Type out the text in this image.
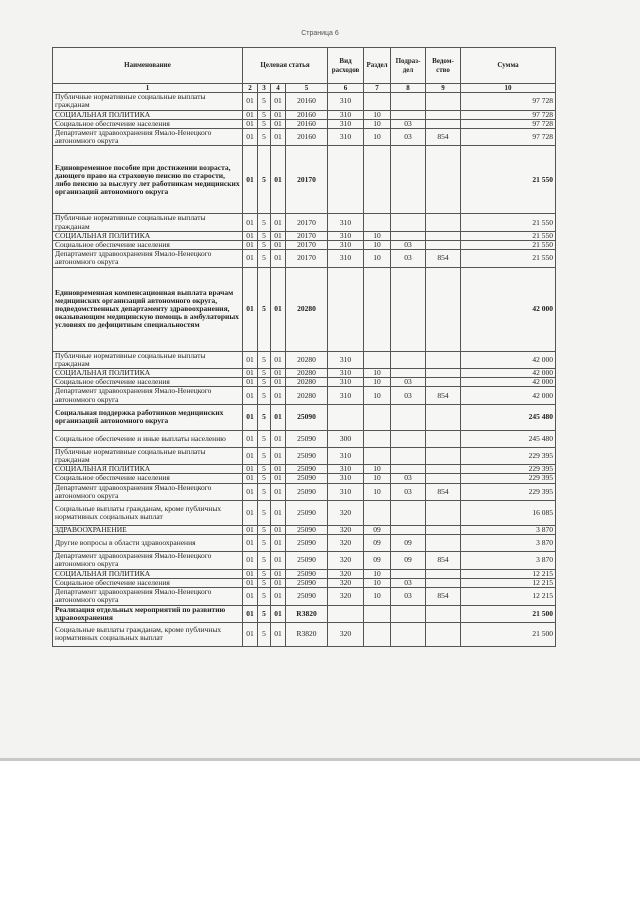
Страница 6
Наименование	Целевая статья				Вид расходов	Раздел	Подраз-дел	Ведом-ство	Сумма
1	2	3	4	5	6	7	8	9	10
Публичные нормативные социальные выплаты гражданам	01	5	01	20160	310				97 728
СОЦИАЛЬНАЯ ПОЛИТИКА	01	5	01	20160	310	10			97 728
Социальное обеспечение населения	01	5	01	20160	310	10	03		97 728
Департамент здравоохранения Ямало-Ненецкого автономного округа	01	5	01	20160	310	10	03	854	97 728
Единовременное пособие при достижении возраста, дающего право на страховую пенсию по старости, либо пенсию за выслугу лет работникам медицинских организаций автономного округа	01	5	01	20170					21 550
Публичные нормативные социальные выплаты гражданам	01	5	01	20170	310				21 550
СОЦИАЛЬНАЯ ПОЛИТИКА	01	5	01	20170	310	10			21 550
Социальное обеспечение населения	01	5	01	20170	310	10	03		21 550
Департамент здравоохранения Ямало-Ненецкого автономного округа	01	5	01	20170	310	10	03	854	21 550
Единовременная компенсационная выплата врачам медицинских организаций автономного округа, подведомственных департаменту здравоохранения, оказывающим медицинскую помощь в амбулаторных условиях по дефицитным специальностям	01	5	01	20280					42 000
Публичные нормативные социальные выплаты гражданам	01	5	01	20280	310				42 000
СОЦИАЛЬНАЯ ПОЛИТИКА	01	5	01	20280	310	10			42 000
Социальное обеспечение населения	01	5	01	20280	310	10	03		42 000
Департамент здравоохранения Ямало-Ненецкого автономного округа	01	5	01	20280	310	10	03	854	42 000
Социальная поддержка работников медицинских организаций автономного округа	01	5	01	25090					245 480
Социальное обеспечение и иные выплаты населению	01	5	01	25090	300				245 480
Публичные нормативные социальные выплаты гражданам	01	5	01	25090	310				229 395
СОЦИАЛЬНАЯ ПОЛИТИКА	01	5	01	25090	310	10			229 395
Социальное обеспечение населения	01	5	01	25090	310	10	03		229 395
Департамент здравоохранения Ямало-Ненецкого автономного округа	01	5	01	25090	310	10	03	854	229 395
Социальные выплаты гражданам, кроме публичных нормативных социальных выплат	01	5	01	25090	320				16 085
ЗДРАВООХРАНЕНИЕ	01	5	01	25090	320	09			3 870
Другие вопросы в области здравоохранения	01	5	01	25090	320	09	09		3 870
Департамент здравоохранения Ямало-Ненецкого автономного округа	01	5	01	25090	320	09	09	854	3 870
СОЦИАЛЬНАЯ ПОЛИТИКА	01	5	01	25090	320	10			12 215
Социальное обеспечение населения	01	5	01	25090	320	10	03		12 215
Департамент здравоохранения Ямало-Ненецкого автономного округа	01	5	01	25090	320	10	03	854	12 215
Реализация отдельных мероприятий по развитию здравоохранения	01	5	01	R3820					21 500
Социальные выплаты гражданам, кроме публичных нормативных социальных выплат	01	5	01	R3820	320				21 500
